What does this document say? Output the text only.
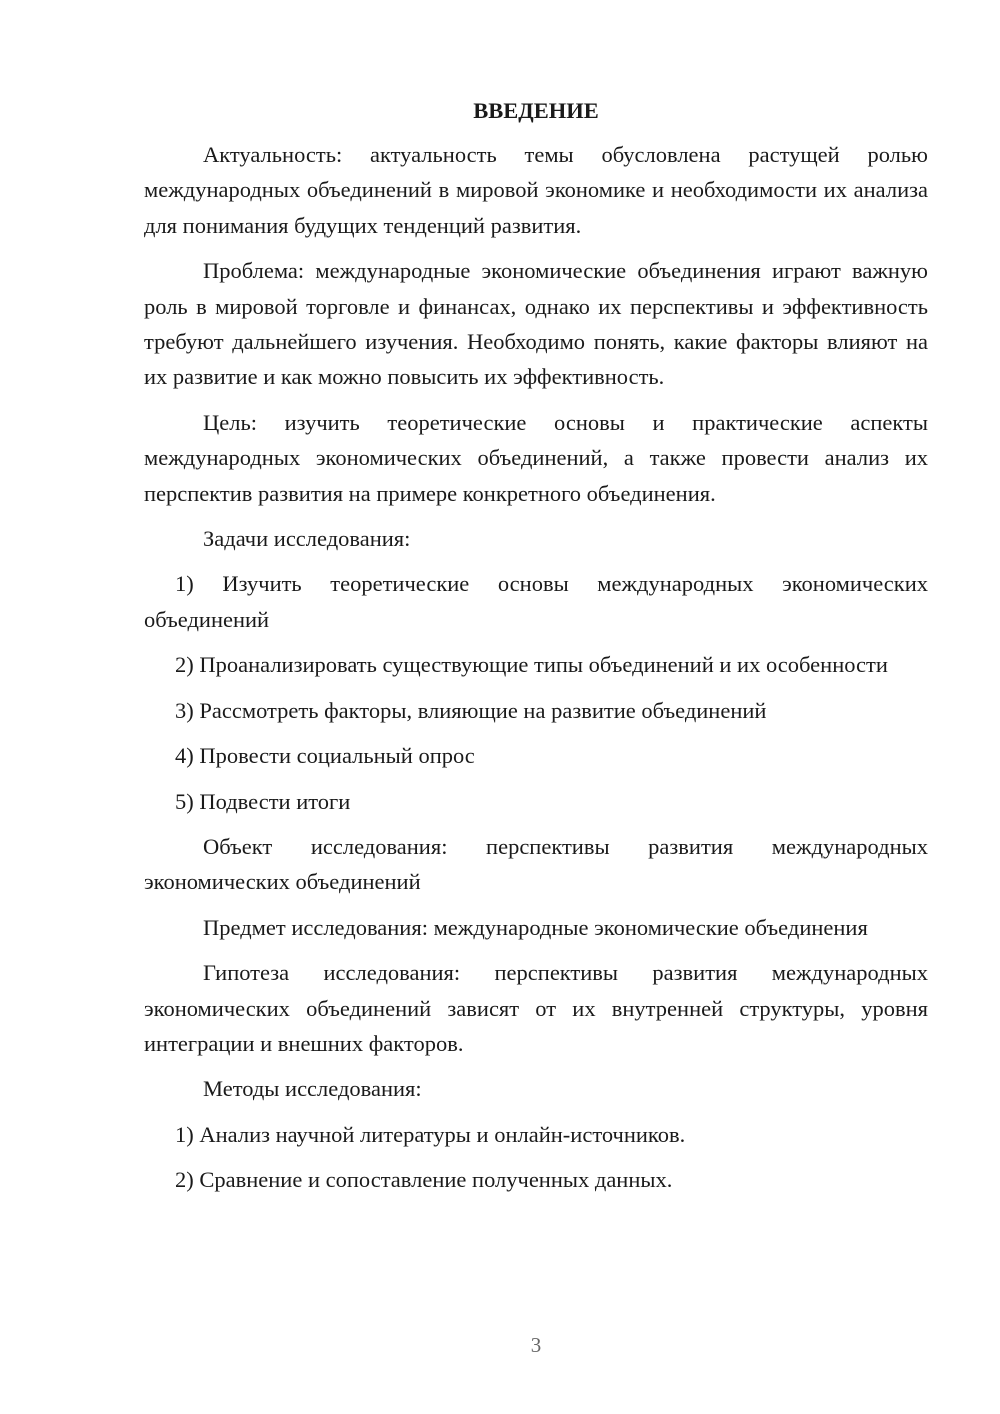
ВВЕДЕНИЕ

Актуальность: актуальность темы обусловлена растущей ролью международных объединений в мировой экономике и необходимости их анализа для понимания будущих тенденций развития.

Проблема: международные экономические объединения играют важную роль в мировой торговле и финансах, однако их перспективы и эффективность требуют дальнейшего изучения. Необходимо понять, какие факторы влияют на их развитие и как можно повысить их эффективность.

Цель: изучить теоретические основы и практические аспекты международных экономических объединений, а также провести анализ их перспектив развития на примере конкретного объединения.

Задачи исследования:

1) Изучить теоретические основы международных экономических объединений

2) Проанализировать существующие типы объединений и их особенности

3) Рассмотреть факторы, влияющие на развитие объединений

4) Провести социальный опрос

5) Подвести итоги

Объект исследования: перспективы развития международных экономических объединений

Предмет исследования: международные экономические объединения

Гипотеза исследования: перспективы развития международных экономических объединений зависят от их внутренней структуры, уровня интеграции и внешних факторов.

Методы исследования:

1) Анализ научной литературы и онлайн-источников.

2) Сравнение и сопоставление полученных данных.

3
